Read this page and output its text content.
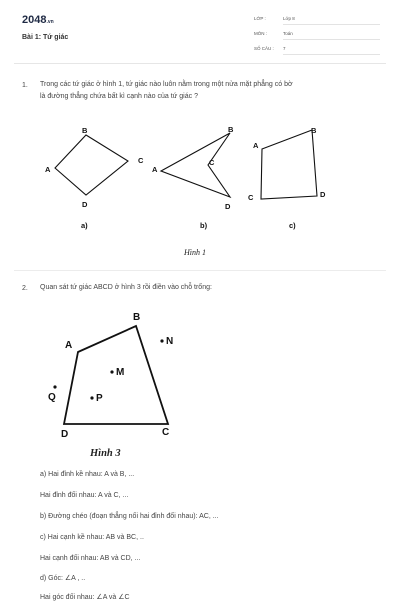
2048.vn
Bài 1: Tứ giác
LỚP :	Lớp 8
MÔN :	Toán
SỐ CÂU : 7
1. Trong các tứ giác ở hình 1, tứ giác nào luôn nằm trong một nửa mặt phẳng có bờ
là đường thẳng chứa bất kì cạnh nào của tứ giác ?
B
A
C
D
B
A
C
D
B
A
C	D
a)	b)	c)
Hình 1
2. Quan sát tứ giác ABCD ở hình 3 rồi điền vào chỗ trống:
B
A	N
M
P
Q
D	C
Hình 3
a) Hai đỉnh kề nhau: A và B, ...
Hai đỉnh đối nhau: A và C, ...
b) Đường chéo (đoạn thẳng nối hai đỉnh đối nhau): AC, ...
c) Hai cạnh kề nhau: AB và BC, ..
Hai cạnh đối nhau: AB và CD, ...
d) Góc: ∠A , ..
Hai góc đối nhau: ∠A và ∠C
